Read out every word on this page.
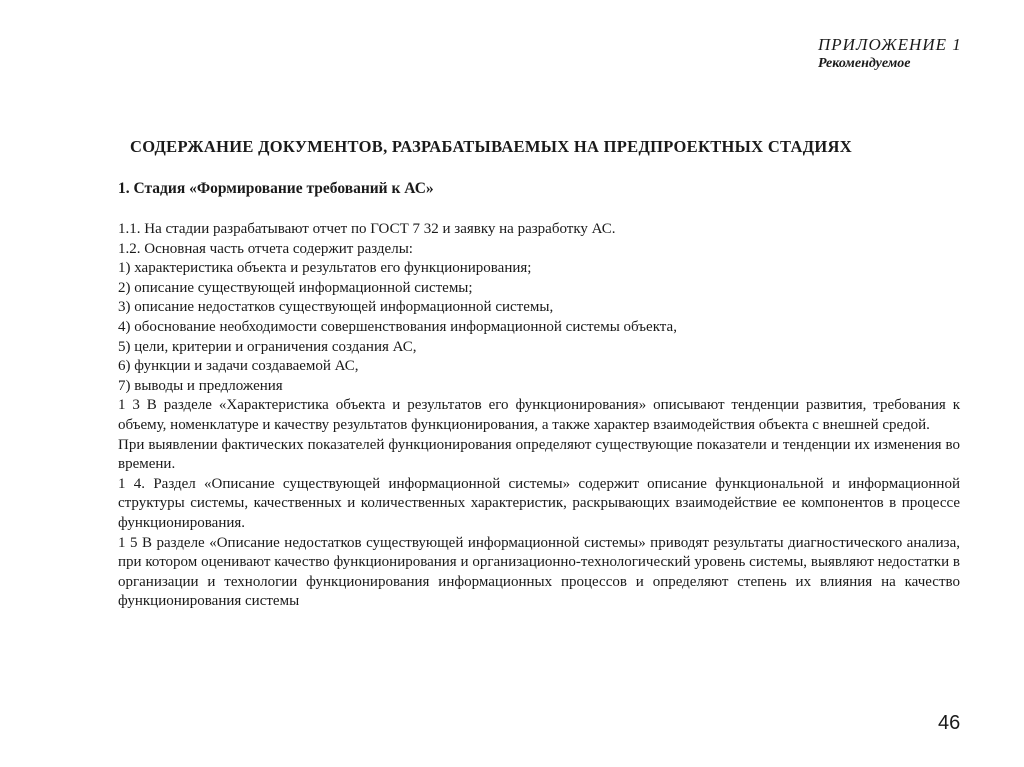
ПРИЛОЖЕНИЕ 1
Рекомендуемое
СОДЕРЖАНИЕ ДОКУМЕНТОВ, РАЗРАБАТЫВАЕМЫХ НА ПРЕДПРОЕКТНЫХ СТАДИЯХ
1. Стадия «Формирование требований к АС»
1.1. На стадии разрабатывают отчет по ГОСТ 7 32 и заявку на разработку АС.
1.2. Основная часть отчета содержит разделы:
1) характеристика объекта и результатов его функционирования;
2) описание существующей информационной системы;
3) описание недостатков существующей информационной системы,
4) обоснование необходимости совершенствования информационной системы объекта,
5) цели, критерии и ограничения создания АС,
6) функции и задачи создаваемой АС,
7) выводы и предложения
1 3 В разделе «Характеристика объекта и результатов его функционирования» описывают тенденции развития, требования к объему, номенклатуре и качеству результатов функционирования, а также характер взаимодействия объекта с внешней средой.
При выявлении фактических показателей функционирования определяют существующие показатели и тенденции их изменения во времени.
1 4. Раздел «Описание существующей информационной системы» содержит описание функциональной и информационной структуры системы, качественных и количественных характеристик, раскрывающих взаимодействие ее компонентов в процессе функционирования.
1 5 В разделе «Описание недостатков существующей информационной системы» приводят результаты диагностического анализа, при котором оценивают качество функционирования и организационно-технологический уровень системы, выявляют недостатки в организации и технологии функционирования информационных процессов и определяют степень их влияния на качество функционирования системы
46
